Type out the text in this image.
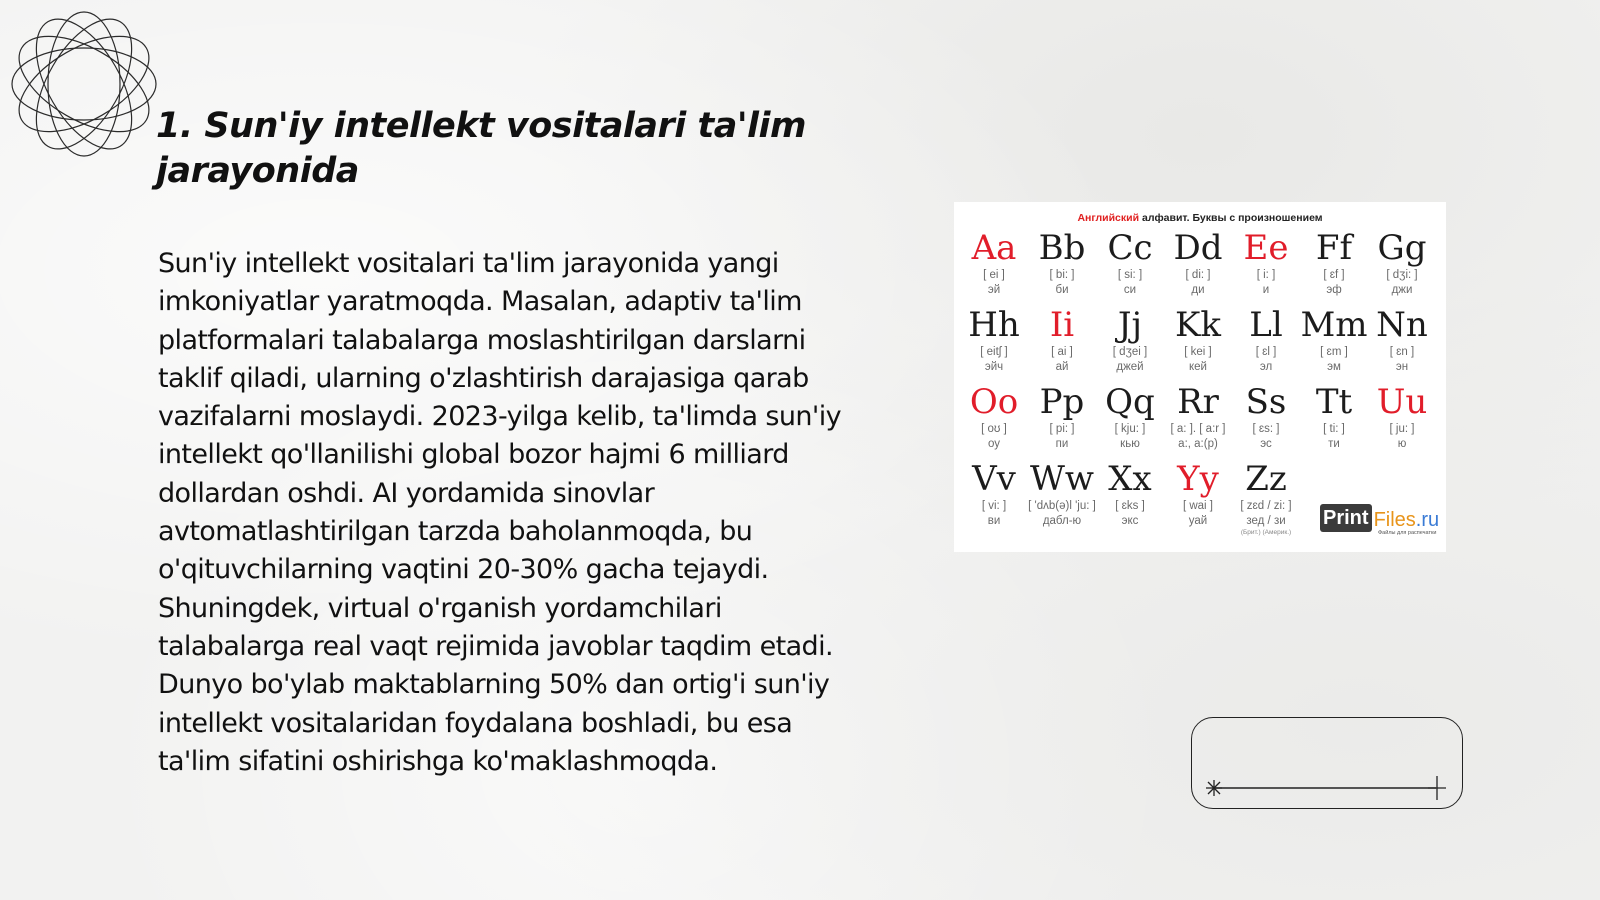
1. Sun'iy intellekt vositalari ta'lim jarayonida

Sun'iy intellekt vositalari ta'lim jarayonida yangi imkoniyatlar yaratmoqda. Masalan, adaptiv ta'lim platformalari talabalarga moslashtirilgan darslarni taklif qiladi, ularning o'zlashtirish darajasiga qarab vazifalarni moslaydi. 2023-yilga kelib, ta'limda sun'iy intellekt qo'llanilishi global bozor hajmi 6 milliard dollardan oshdi. AI yordamida sinovlar avtomatlashtirilgan tarzda baholanmoqda, bu o'qituvchilarning vaqtini 20-30% gacha tejaydi. Shuningdek, virtual o'rganish yordamchilari talabalarga real vaqt rejimida javoblar taqdim etadi. Dunyo bo'ylab maktablarning 50% dan ortig'i sun'iy intellekt vositalaridan foydalana boshladi, bu esa ta'lim sifatini oshirishga ko'maklashmoqda.

Английский алфавит. Буквы с произношением
Aa
[ ei ]
эй
Bb
[ bi: ]
би
Cc
[ si: ]
си
Dd
[ di: ]
ди
Ee
[ i: ]
и
Ff
[ ɛf ]
эф
Gg
[ dʒi: ]
джи
Hh
[ eitʃ ]
эйч
Ii
[ ai ]
ай
Jj
[ dʒei ]
джей
Kk
[ kei ]
кей
Ll
[ ɛl ]
эл
Mm
[ ɛm ]
эм
Nn
[ ɛn ]
эн
Oo
[ oʊ ]
оу
Pp
[ pi: ]
пи
Qq
[ kju: ]
кью
Rr
[ a: ]. [ a:r ]
а:, а:(р)
Ss
[ ɛs: ]
эс
Tt
[ ti: ]
ти
Uu
[ ju: ]
ю
Vv
[ vi: ]
ви
Ww
[ 'dʌb(ə)l 'ju: ]
дабл-ю
Xx
[ ɛks ]
экс
Yy
[ wai ]
уай
Zz
[ zɛd / zi: ]
зед / зи
(Брит.) (Америк.)
Print Files .ru
Файлы для распечатки
